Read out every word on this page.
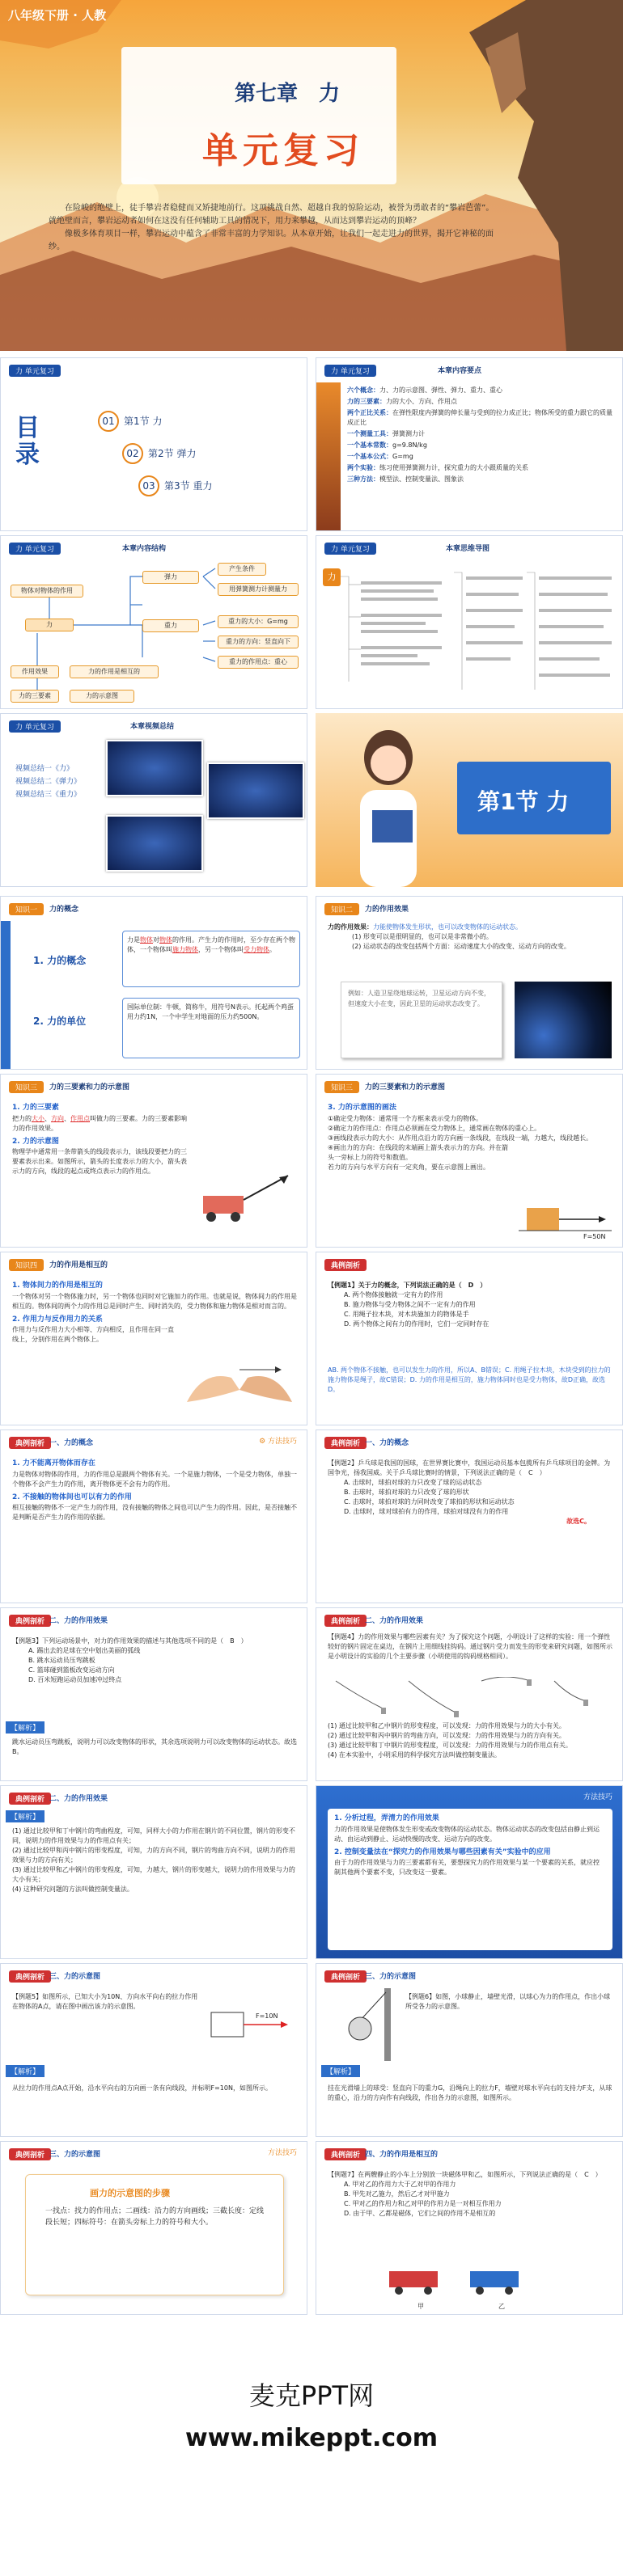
八年级下册 · 人教
第七章　力
单元复习

在险峻的绝壁上，徒手攀岩者稳健而又矫捷地前行。这项挑战自然、超越自我的惊险运动，被誉为勇敢者的“攀岩芭蕾”。就绝壁而言，攀岩运动者如何在这没有任何辅助工具的情况下，用力来攀越，从而达到攀岩运动的顶峰？

像极多体育项目一样，攀岩运动中蕴含了非常丰富的力学知识。从本章开始，让我们一起走进力的世界，揭开它神秘的面纱。

力 单元复习
目录
01 第1节 力
02 第2节 弹力
03 第3节 重力
力 单元复习	本章内容要点
六个概念：力、力的示意图、弹性、弹力、重力、重心
力的三要素：力的大小、方向、作用点
两个正比关系：在弹性限度内弹簧的伸长量与受到的拉力成正比；物体所受的重力跟它的质量成正比
一个测量工具：弹簧测力计
一个基本常数：g=9.8N/kg
一个基本公式：G=mg
两个实验：练习使用弹簧测力计，探究重力的大小跟质量的关系
三种方法：模型法、控制变量法、图象法
力 单元复习	本章内容结构
物体对物体的作用
力
弹力
产生条件
用弹簧测力计测量力
重力
重力的大小：G=mg
重力的方向：竖直向下
重力的作用点：重心
作用效果	力的作用是相互的
力的三要素	力的示意图
力 单元复习	本章思维导图
力
力 单元复习	本章视频总结
视频总结一《力》
视频总结二《弹力》
视频总结三《重力》	第1节 力
知识一	力的概念
1. 力的概念
2. 力的单位
力是物体对物体的作用。产生力的作用时，至少存在两个物体，一个物体叫施力物体，另一个物体叫受力物体。
国际单位制：牛顿，简称牛，用符号N表示。托起两个鸡蛋用力约1N，一个中学生对地面的压力约500N。
知识二	力的作用效果
力的作用效果：力能使物体发生形状，也可以改变物体的运动状态。
(1) 形变可以是很明显的，也可以是非常微小的。
(2) 运动状态的改变包括两个方面：运动速度大小的改变、运动方向的改变。
例如：人造卫星绕地球运转，卫星运动方向不变，但速度大小在变，因此卫星的运动状态改变了。
知识三	力的三要素和力的示意图
1. 力的三要素
把力的大小、方向、作用点叫做力的三要素。力的三要素影响力的作用效果。
2. 力的示意图
物理学中通常用一条带箭头的线段表示力，该线段要把力的三要素表示出来。如图所示，箭头的长度表示力的大小，箭头表示力的方向，线段的起点或终点表示力的作用点。
知识三	力的三要素和力的示意图
3. 力的示意图的画法
①确定受力物体：通常用一个方框来表示受力的物体。
②确定力的作用点：作用点必须画在受力物体上，通常画在物体的重心上。
③画线段表示力的大小：从作用点沿力的方向画一条线段，在线段一端，力越大，线段越长。
④画出力的方向：在线段的末端画上箭头表示力的方向。并在箭头一旁标上力的符号和数值。
若力的方向与水平方向有一定夹角，要在示意图上画出。
F=50N
知识四	力的作用是相互的
1. 物体间力的作用是相互的
一个物体对另一个物体施力时，另一个物体也同时对它施加力的作用。也就是说，物体间力的作用是相互的。物体间的两个力的作用总是同时产生、同时消失的，受力物体和施力物体是相对而言的。
2. 作用力与反作用力的关系
作用力与反作用力大小相等、方向相反，且作用在同一直线上，分别作用在两个物体上。
典例剖析
【例题1】关于力的概念，下列说法正确的是（　D　）
A. 两个物体接触就一定有力的作用
B. 施力物体与受力物体之间不一定有力的作用
C. 用绳子拉木块，对木块施加力的物体是手
D. 两个物体之间有力的作用时，它们一定同时存在
AB. 两个物体不接触，也可以发生力的作用，所以A、B错误；C. 用绳子拉木块，木块受到的拉力的施力物体是绳子，故C错误；D. 力的作用是相互的，施力物体同时也是受力物体，故D正确，故选D。
典例剖析 一、力的概念	⚙ 方法技巧
1. 力不能离开物体而存在
力是物体对物体的作用，力的作用总是跟两个物体有关。一个是施力物体，一个是受力物体，单独一个物体不会产生力的作用，离开物体更不会有力的作用。
2. 不接触的物体间也可以有力的作用
相互接触的物体不一定产生力的作用，没有接触的物体之间也可以产生力的作用。因此，是否接触不是判断是否产生力的作用的依据。
典例剖析 一、力的概念
【例题2】乒乓球是我国的国球，在世界赛比赛中，我国运动员基本包揽所有乒乓球项目的金牌。为国争光，扬我国威。关于乒乓球比赛时的情景，下列说法正确的是（　C　）
A. 击球时，球拍对球的力只改变了球的运动状态
B. 击球时，球拍对球的力只改变了球的形状
C. 击球时，球拍对球的力同时改变了球拍的形状和运动状态
D. 击球时，球对球拍有力的作用，球拍对球没有力的作用
故选C。
典例剖析 二、力的作用效果
【例题3】下列运动场景中，对力的作用效果的描述与其他选项不同的是（　B　）
A. 踢出去的足球在空中划出美丽的弧线
B. 跳水运动员压弯跳板
C. 篮球碰到篮板改变运动方向
D. 百米短跑运动员加速冲过终点
【解析】
跳水运动员压弯跳板，说明力可以改变物体的形状，其余选项说明力可以改变物体的运动状态。故选B。
典例剖析 二、力的作用效果
【例题4】力的作用效果与哪些因素有关？为了探究这个问题，小明设计了这样的实验：用一个弹性较好的钢片固定在桌边，在钢片上用细线挂钩码。通过钢片受力而发生的形变来研究问题，如图所示是小明设计的实验的几个主要步骤（小明使用的钩码规格相同）。
(1) 通过比较甲和乙中钢片的形变程度，可以发现：力的作用效果与力的大小有关。
(2) 通过比较甲和丙中钢片的弯曲方向，可以发现：力的作用效果与力的方向有关。
(3) 通过比较甲和丁中钢片的形变程度，可以发现：力的作用效果与力的作用点有关。
(4) 在本实验中，小明采用的科学探究方法叫做控制变量法。
典例剖析 二、力的作用效果
【解析】
(1) 通过比较甲和丁中钢片的弯曲程度，可知，同样大小的力作用在钢片的不同位置，钢片的形变不同，说明力的作用效果与力的作用点有关；
(2) 通过比较甲和丙中钢片的形变程度，可知，力的方向不同，钢片的弯曲方向不同，说明力的作用效果与力的方向有关；
(3) 通过比较甲和乙中钢片的形变程度，可知，力越大，钢片的形变越大，说明力的作用效果与力的大小有关；
(4) 这种研究问题的方法叫做控制变量法。
方法技巧
1. 分析过程，弄清力的作用效果
力的作用效果是使物体发生形变或改变物体的运动状态。物体运动状态的改变包括由静止到运动、由运动到静止、运动快慢的改变、运动方向的改变。
2. 控制变量法在“探究力的作用效果与哪些因素有关”实验中的应用
由于力的作用效果与力的三要素都有关，要想探究力的作用效果与某一个要素的关系，就应控制其他两个要素不变，只改变这一要素。
典例剖析 三、力的示意图
【例题5】如图所示，已知大小为10N、方向水平向右的拉力作用在物体的A点，请在图中画出该力的示意图。
F=10N
【解析】
从拉力的作用点A点开始，沿水平向右的方向画一条有向线段，并标明F=10N，如图所示。
典例剖析 三、力的示意图
【例题6】如图，小球静止，墙壁光滑，以球心为力的作用点，作出小球所受各力的示意图。
【解析】
挂在光滑墙上的球受：竖直向下的重力G，沿绳向上的拉力F，墙壁对球水平向右的支持力F支，从球的重心，沿力的方向作有向线段，作出各力的示意图，如图所示。
典例剖析 三、力的示意图	方法技巧
画力的示意图的步骤
一找点：找力的作用点；二画线：沿力的方向画线；三截长度：定线段长短；四标符号：在箭头旁标上力的符号和大小。
典例剖析 四、力的作用是相互的
【例题7】在两艘静止的小车上分别放一块磁体甲和乙，如图所示，下列说法正确的是（　C　）
A. 甲对乙的作用力大于乙对甲的作用力
B. 甲先对乙施力，然后乙才对甲施力
C. 甲对乙的作用力和乙对甲的作用力是一对相互作用力
D. 由于甲、乙都是磁体，它们之间的作用不是相互的
甲	乙
麦克PPT网
www.mikeppt.com
